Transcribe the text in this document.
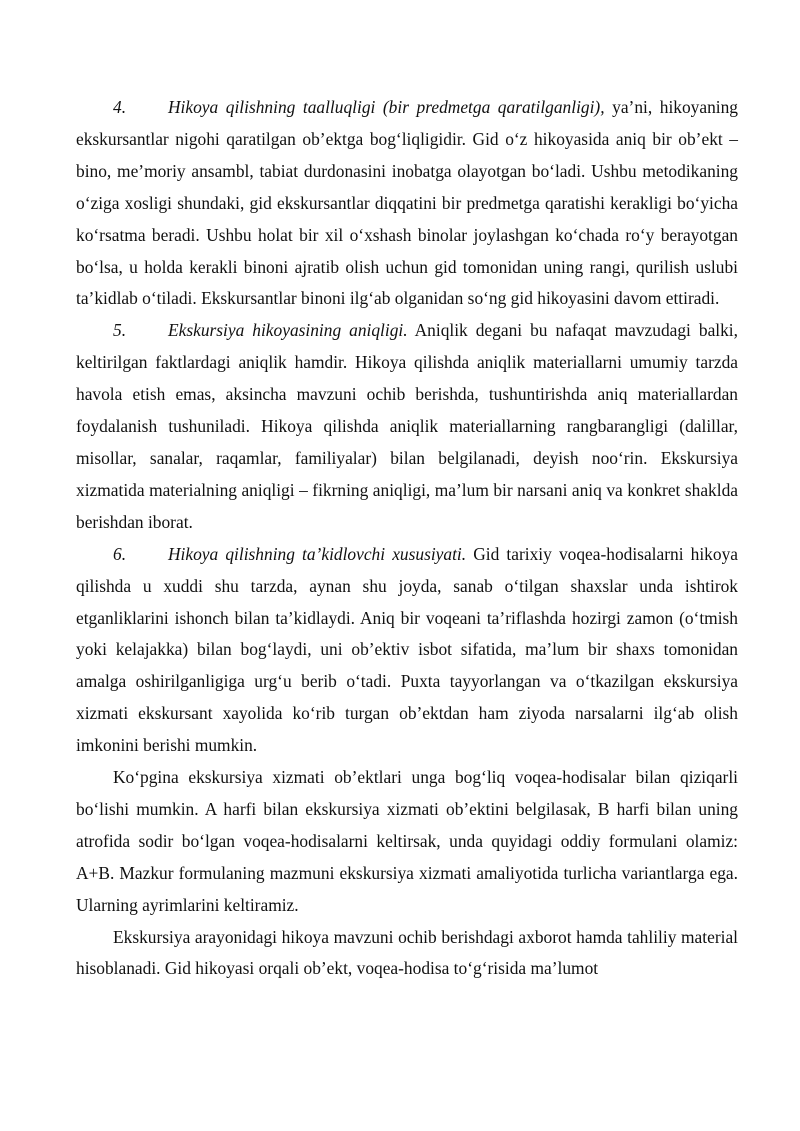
4. Hikoya qilishning taalluqligi (bir predmetga qaratilganligi), ya’ni, hikoyaning ekskursantlar nigohi qaratilgan ob’ektga bog‘liqligidir. Gid o‘z hikoyasida aniq bir ob’ekt – bino, me’moriy ansambl, tabiat durdonasini inobatga olayotgan bo‘ladi. Ushbu metodikaning o‘ziga xosligi shundaki, gid ekskursantlar diqqatini bir predmetga qaratishi kerakligi bo‘yicha ko‘rsatma beradi. Ushbu holat bir xil o‘xshash binolar joylashgan ko‘chada ro‘y berayotgan bo‘lsa, u holda kerakli binoni ajratib olish uchun gid tomonidan uning rangi, qurilish uslubi ta’kidlab o‘tiladi. Ekskursantlar binoni ilg‘ab olganidan so‘ng gid hikoyasini davom ettiradi.

5. Ekskursiya hikoyasining aniqligi. Aniqlik degani bu nafaqat mavzudagi balki, keltirilgan faktlardagi aniqlik hamdir. Hikoya qilishda aniqlik materiallarni umumiy tarzda havola etish emas, aksincha mavzuni ochib berishda, tushuntirishda aniq materiallardan foydalanish tushuniladi. Hikoya qilishda aniqlik materiallarning rangbarangligi (dalillar, misollar, sanalar, raqamlar, familiyalar) bilan belgilanadi, deyish noo‘rin. Ekskursiya xizmatida materialning aniqligi – fikrning aniqligi, ma’lum bir narsani aniq va konkret shaklda berishdan iborat.

6. Hikoya qilishning ta’kidlovchi xususiyati. Gid tarixiy voqea-hodisalarni hikoya qilishda u xuddi shu tarzda, aynan shu joyda, sanab o‘tilgan shaxslar unda ishtirok etganliklarini ishonch bilan ta’kidlaydi. Aniq bir voqeani ta’riflashda hozirgi zamon (o‘tmish yoki kelajakka) bilan bog‘laydi, uni ob’ektiv isbot sifatida, ma’lum bir shaxs tomonidan amalga oshirilganligiga urg‘u berib o‘tadi. Puxta tayyorlangan va o‘tkazilgan ekskursiya xizmati ekskursant xayolida ko‘rib turgan ob’ektdan ham ziyoda narsalarni ilg‘ab olish imkonini berishi mumkin.

Ko‘pgina ekskursiya xizmati ob’ektlari unga bog‘liq voqea-hodisalar bilan qiziqarli bo‘lishi mumkin. A harfi bilan ekskursiya xizmati ob’ektini belgilasak, B harfi bilan uning atrofida sodir bo‘lgan voqea-hodisalarni keltirsak, unda quyidagi oddiy formulani olamiz: A+B. Mazkur formulaning mazmuni ekskursiya xizmati amaliyotida turlicha variantlarga ega. Ularning ayrimlarini keltiramiz.

Ekskursiya arayonidagi hikoya mavzuni ochib berishdagi axborot hamda tahliliy material hisoblanadi. Gid hikoyasi orqali ob’ekt, voqea-hodisa to‘g‘risida ma’lumot
